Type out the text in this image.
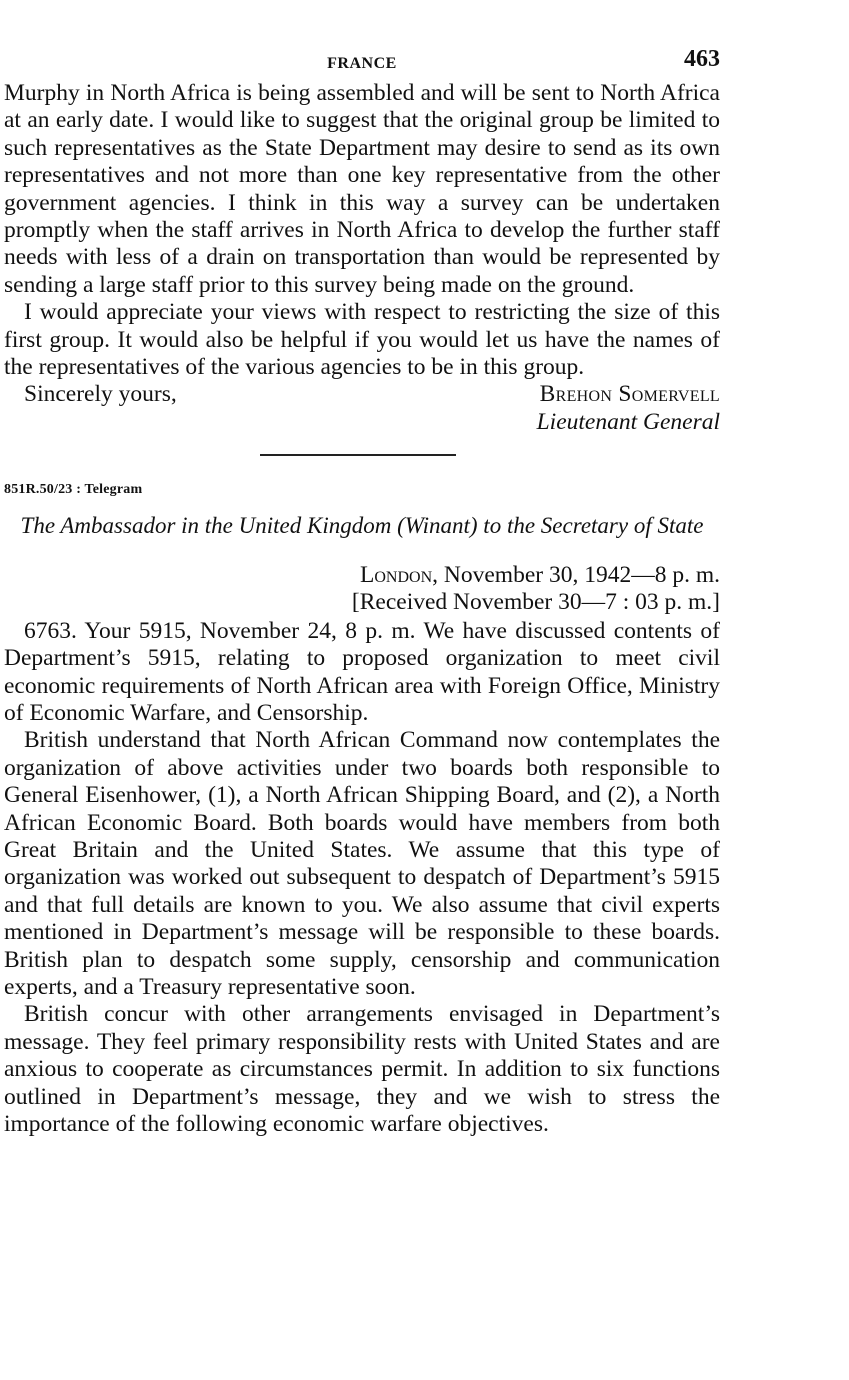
FRANCE	463

Murphy in North Africa is being assembled and will be sent to North Africa at an early date. I would like to suggest that the original group be limited to such representatives as the State Department may desire to send as its own representatives and not more than one key representative from the other government agencies. I think in this way a survey can be undertaken promptly when the staff arrives in North Africa to develop the further staff needs with less of a drain on transportation than would be represented by sending a large staff prior to this survey being made on the ground.

I would appreciate your views with respect to restricting the size of this first group. It would also be helpful if you would let us have the names of the representatives of the various agencies to be in this group.

Sincerely yours,	Brehon Somervell
Lieutenant General
851R.50/23 : Telegram
The Ambassador in the United Kingdom (Winant) to the Secretary of State
London, November 30, 1942—8 p. m.
[Received November 30—7 : 03 p. m.]

6763. Your 5915, November 24, 8 p. m. We have discussed contents of Department’s 5915, relating to proposed organization to meet civil economic requirements of North African area with Foreign Office, Ministry of Economic Warfare, and Censorship.

British understand that North African Command now contemplates the organization of above activities under two boards both responsible to General Eisenhower, (1), a North African Shipping Board, and (2), a North African Economic Board. Both boards would have members from both Great Britain and the United States. We assume that this type of organization was worked out subsequent to despatch of Department’s 5915 and that full details are known to you. We also assume that civil experts mentioned in Department’s message will be responsible to these boards. British plan to despatch some supply, censorship and communication experts, and a Treasury representative soon.

British concur with other arrangements envisaged in Department’s message. They feel primary responsibility rests with United States and are anxious to cooperate as circumstances permit. In addition to six functions outlined in Department’s message, they and we wish to stress the importance of the following economic warfare objectives.
